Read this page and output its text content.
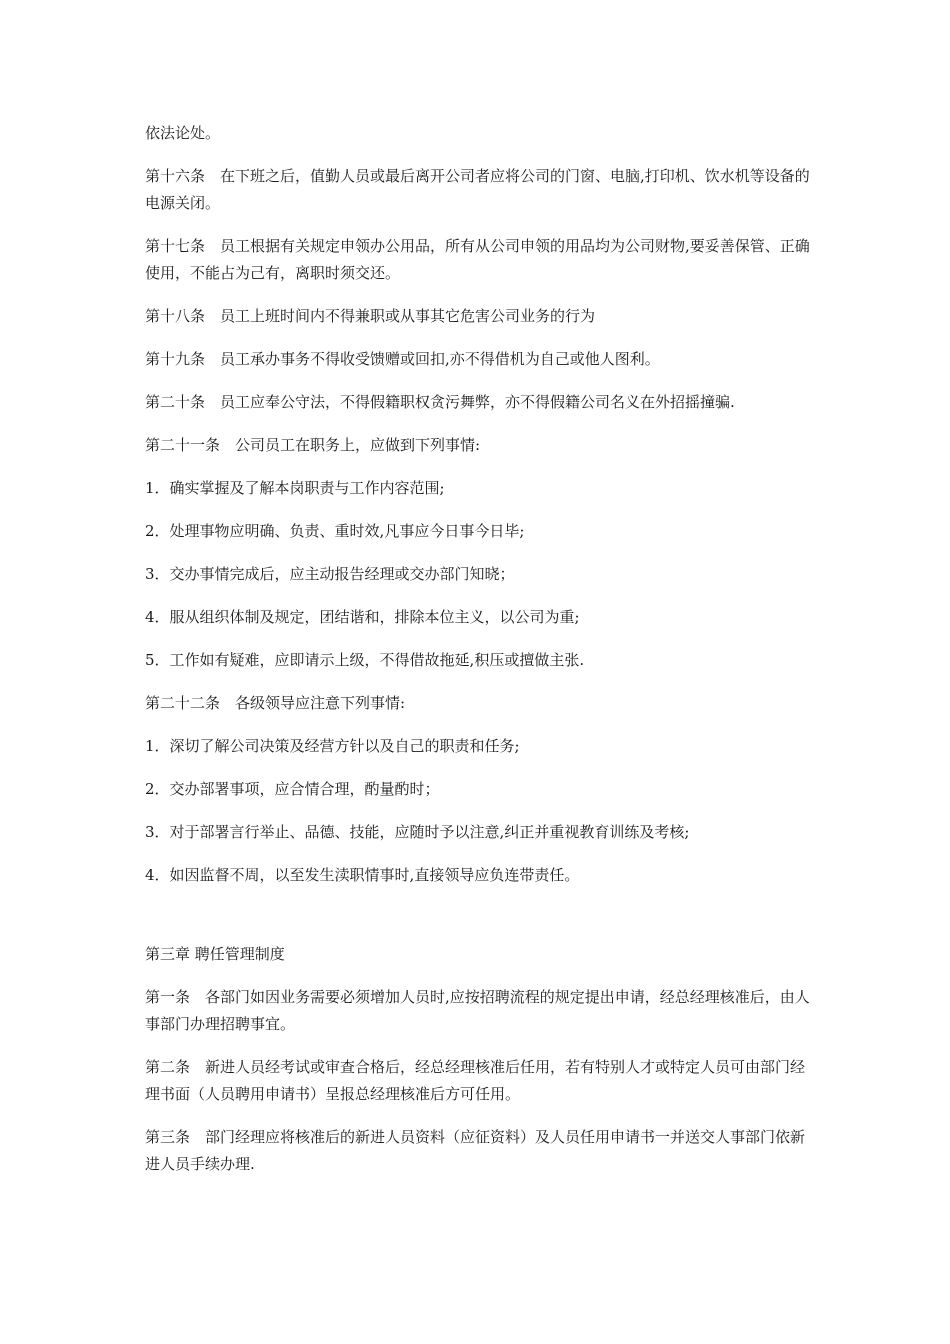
依法论处。

第十六条　在下班之后，值勤人员或最后离开公司者应将公司的门窗、电脑,打印机、饮水机等设备的电源关闭。

第十七条　员工根据有关规定申领办公用品，所有从公司申领的用品均为公司财物,要妥善保管、正确使用，不能占为己有，离职时须交还。

第十八条　员工上班时间内不得兼职或从事其它危害公司业务的行为

第十九条　员工承办事务不得收受馈赠或回扣,亦不得借机为自己或他人图利。

第二十条　员工应奉公守法，不得假籍职权贪污舞弊，亦不得假籍公司名义在外招摇撞骗.

第二十一条　公司员工在职务上，应做到下列事情:

1．确实掌握及了解本岗职责与工作内容范围;

2．处理事物应明确、负责、重时效,凡事应今日事今日毕;

3．交办事情完成后，应主动报告经理或交办部门知晓；

4．服从组织体制及规定，团结谐和，排除本位主义，以公司为重;

5．工作如有疑难，应即请示上级，不得借故拖延,积压或擅做主张.

第二十二条　各级领导应注意下列事情:

1．深切了解公司决策及经营方针以及自己的职责和任务;

2．交办部署事项，应合情合理，酌量酌时；

3．对于部署言行举止、品德、技能，应随时予以注意,纠正并重视教育训练及考核;

4．如因监督不周，以至发生渎职情事时,直接领导应负连带责任。

第三章 聘任管理制度

第一条　各部门如因业务需要必须增加人员时,应按招聘流程的规定提出申请，经总经理核准后，由人事部门办理招聘事宜。

第二条　新进人员经考试或审查合格后，经总经理核准后任用，若有特别人才或特定人员可由部门经理书面（人员聘用申请书）呈报总经理核准后方可任用。

第三条　部门经理应将核准后的新进人员资料（应征资料）及人员任用申请书一并送交人事部门依新进人员手续办理.
